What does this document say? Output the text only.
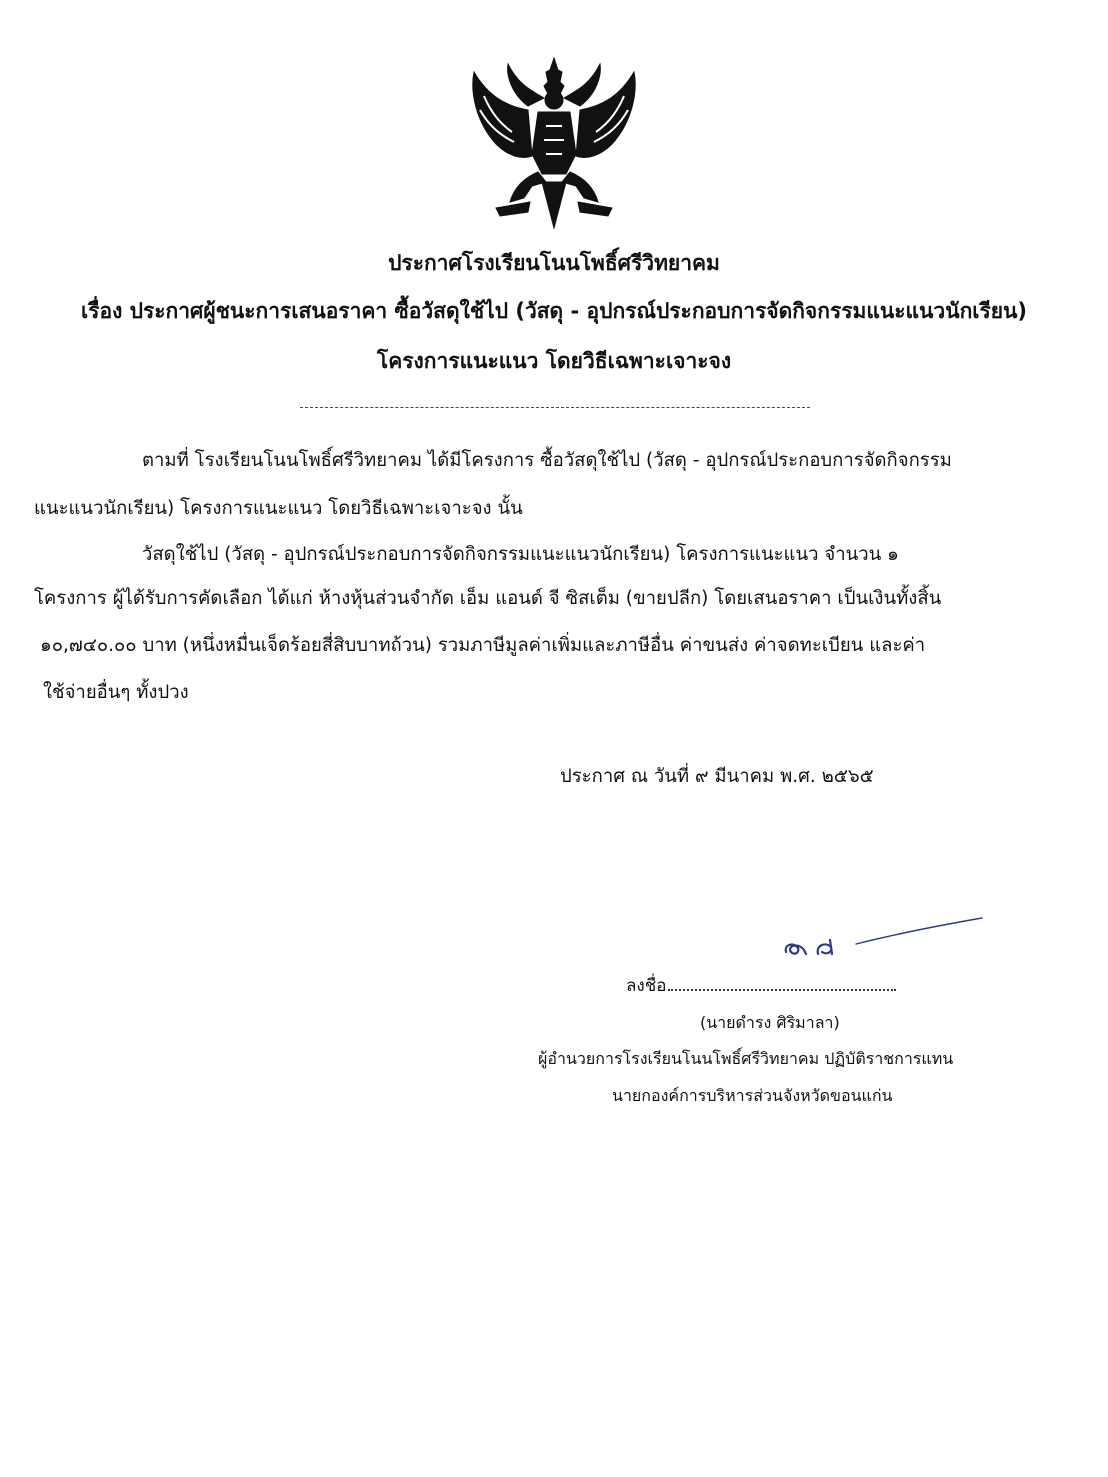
ประกาศโรงเรียนโนนโพธิ์ศรีวิทยาคม
เรื่อง ประกาศผู้ชนะการเสนอราคา ซื้อวัสดุใช้ไป (วัสดุ - อุปกรณ์ประกอบการจัดกิจกรรมแนะแนวนักเรียน)
โครงการแนะแนว โดยวิธีเฉพาะเจาะจง
ตามที่ โรงเรียนโนนโพธิ์ศรีวิทยาคม ได้มีโครงการ ซื้อวัสดุใช้ไป (วัสดุ - อุปกรณ์ประกอบการจัดกิจกรรม
แนะแนวนักเรียน) โครงการแนะแนว โดยวิธีเฉพาะเจาะจง นั้น
วัสดุใช้ไป (วัสดุ - อุปกรณ์ประกอบการจัดกิจกรรมแนะแนวนักเรียน) โครงการแนะแนว จำนวน ๑
โครงการ ผู้ได้รับการคัดเลือก ได้แก่ ห้างหุ้นส่วนจำกัด เอ็ม แอนด์ จี ซิสเต็ม (ขายปลีก) โดยเสนอราคา เป็นเงินทั้งสิ้น
๑๐,๗๔๐.๐๐ บาท (หนึ่งหมื่นเจ็ดร้อยสี่สิบบาทถ้วน) รวมภาษีมูลค่าเพิ่มและภาษีอื่น ค่าขนส่ง ค่าจดทะเบียน และค่า
ใช้จ่ายอื่นๆ ทั้งปวง
ประกาศ ณ วันที่ ๙ มีนาคม พ.ศ. ๒๕๖๕
ลงชื่อ
(นายดำรง ศิริมาลา)
ผู้อำนวยการโรงเรียนโนนโพธิ์ศรีวิทยาคม ปฏิบัติราชการแทน
นายกองค์การบริหารส่วนจังหวัดขอนแก่น
